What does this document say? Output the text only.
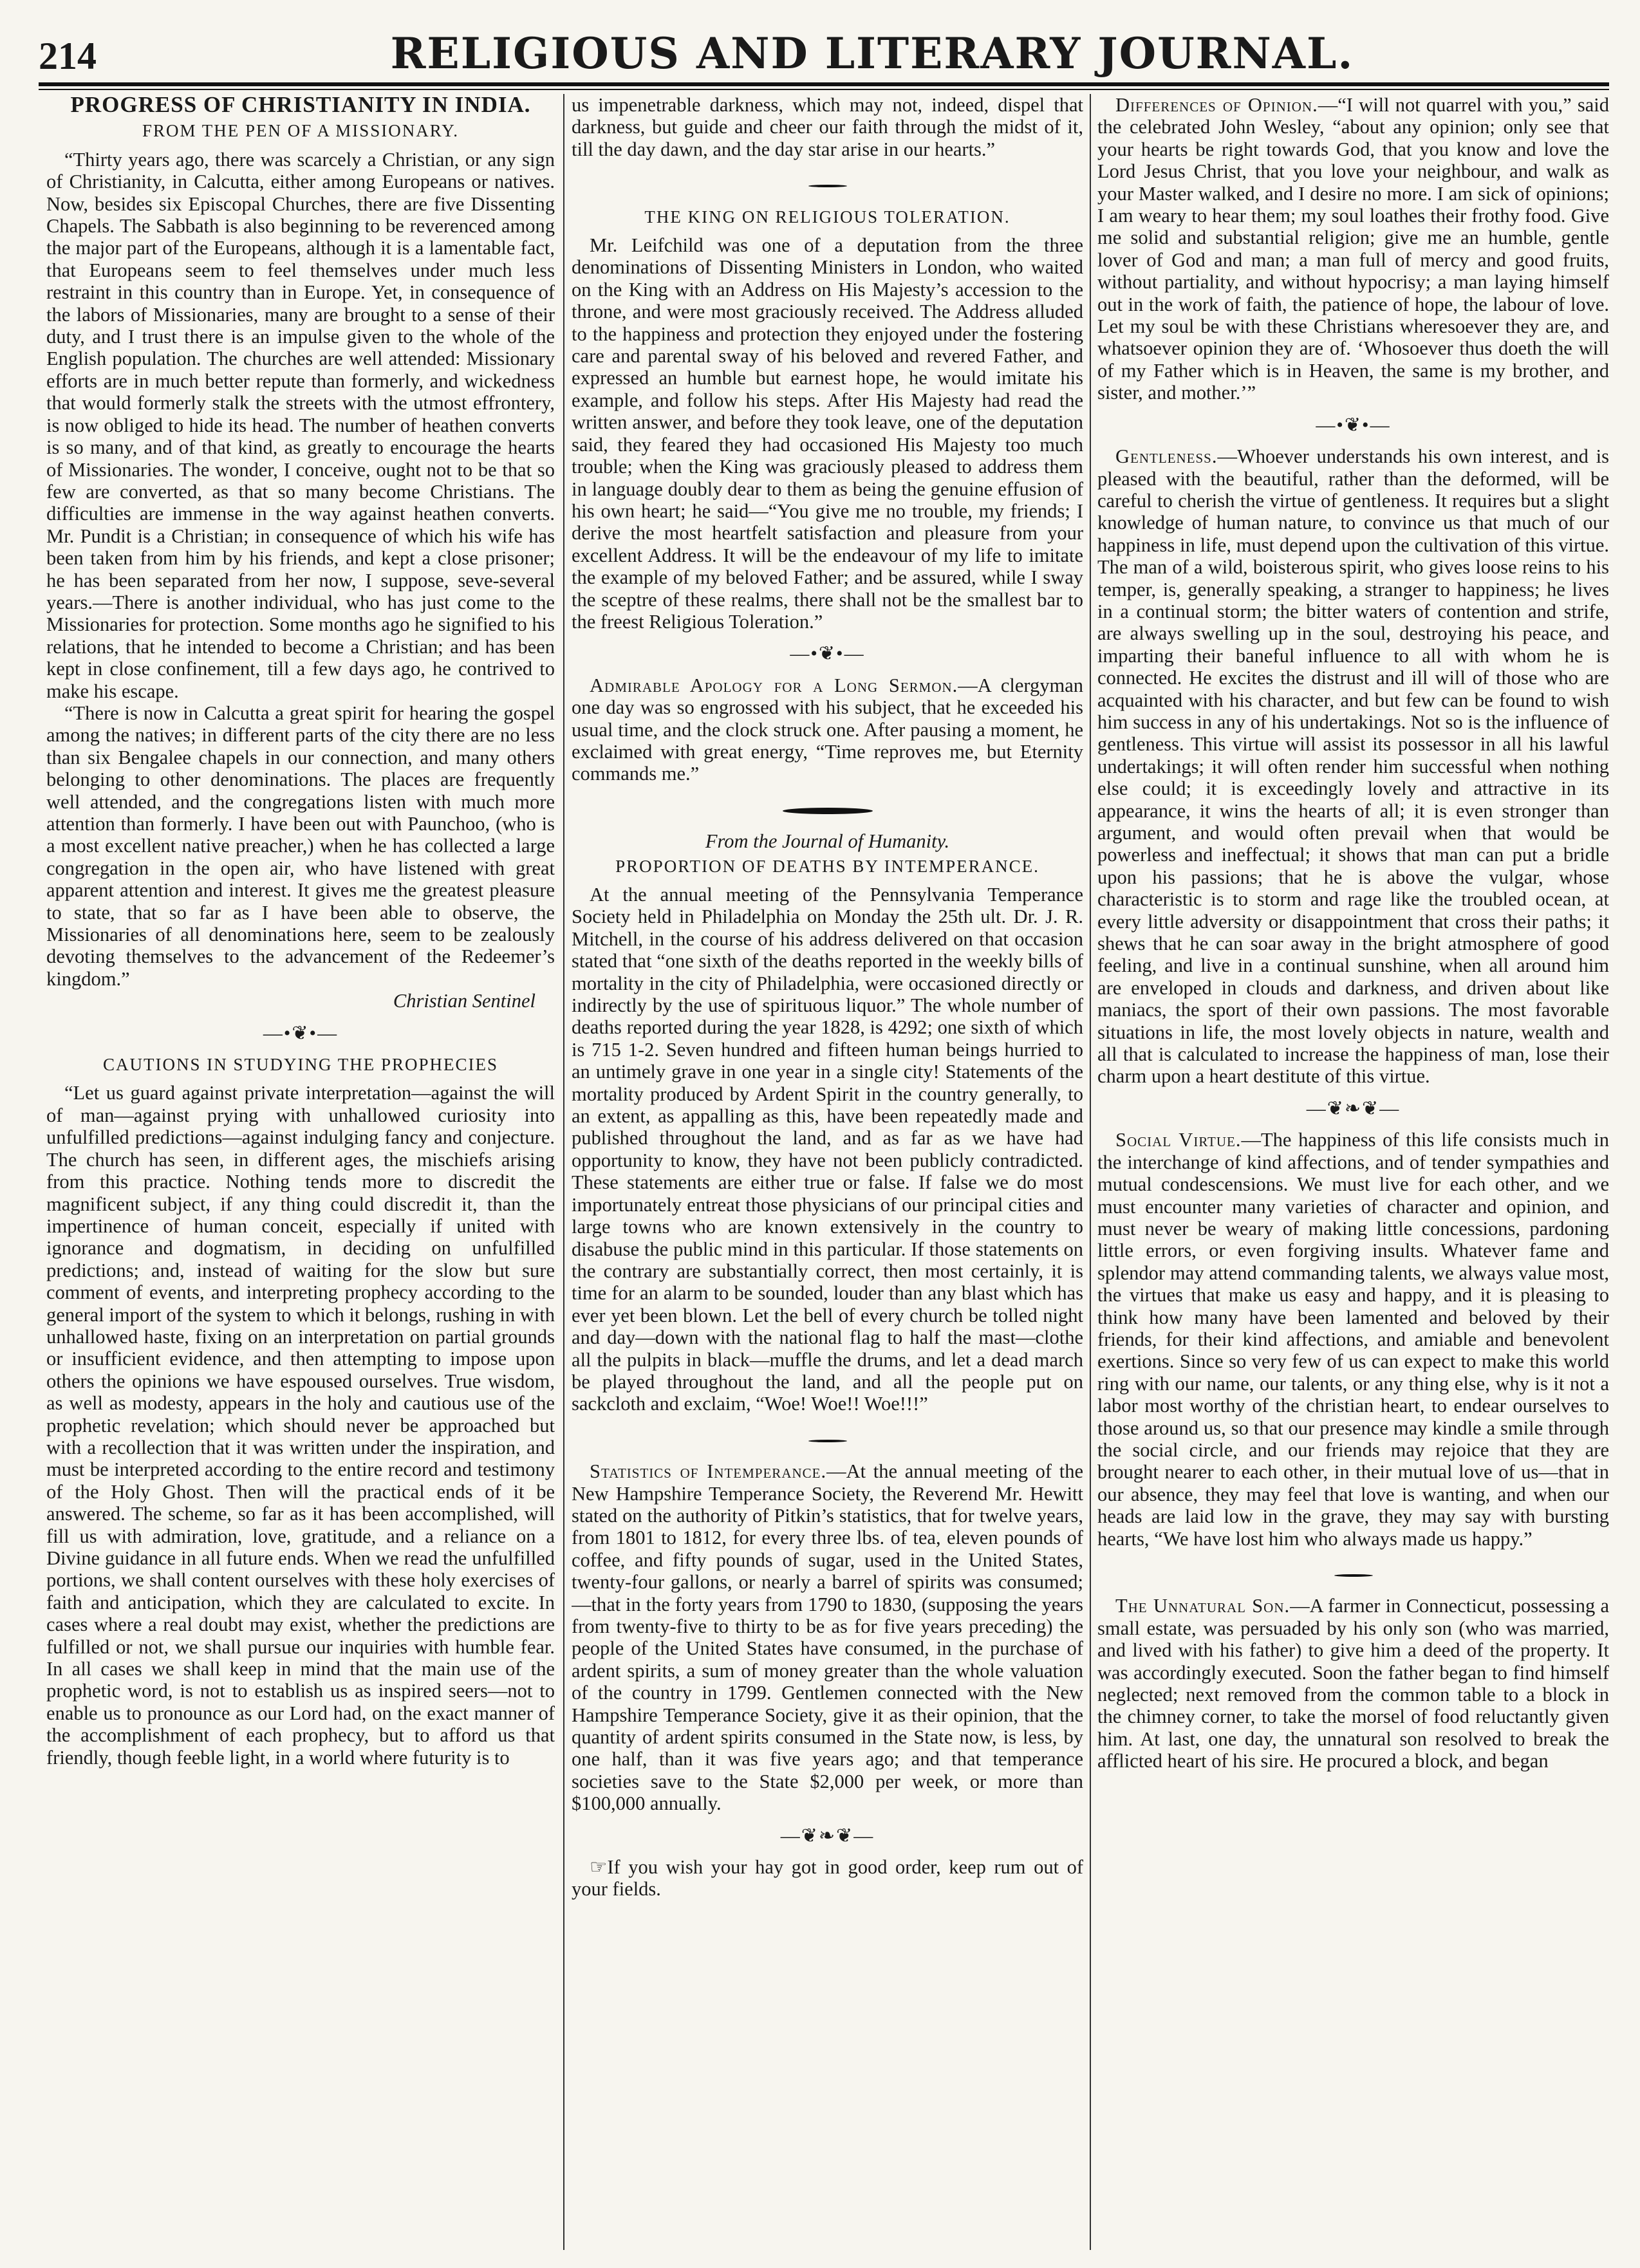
214	RELIGIOUS AND LITERARY JOURNAL.
PROGRESS OF CHRISTIANITY IN INDIA.
FROM THE PEN OF A MISSIONARY.

“Thirty years ago, there was scarcely a Christian, or any sign of Christianity, in Calcutta, either among Europeans or natives. Now, besides six Episcopal Churches, there are five Dissenting Chapels. The Sabbath is also beginning to be reverenced among the major part of the Europeans, although it is a lamentable fact, that Europeans seem to feel themselves under much less restraint in this country than in Europe. Yet, in consequence of the labors of Missionaries, many are brought to a sense of their duty, and I trust there is an impulse given to the whole of the English population. The churches are well attended: Missionary efforts are in much better repute than formerly, and wickedness that would formerly stalk the streets with the utmost effrontery, is now obliged to hide its head. The number of heathen converts is so many, and of that kind, as greatly to encourage the hearts of Missionaries. The wonder, I conceive, ought not to be that so few are converted, as that so many become Christians. The difficulties are immense in the way against heathen converts. Mr. Pundit is a Christian; in consequence of which his wife has been taken from him by his friends, and kept a close prisoner; he has been separated from her now, I suppose, seve-several years.—There is another individual, who has just come to the Missionaries for protection. Some months ago he signified to his relations, that he intended to become a Christian; and has been kept in close confinement, till a few days ago, he contrived to make his escape.

“There is now in Calcutta a great spirit for hearing the gospel among the natives; in different parts of the city there are no less than six Bengalee chapels in our connection, and many others belonging to other denominations. The places are frequently well attended, and the congregations listen with much more attention than formerly. I have been out with Paunchoo, (who is a most excellent native preacher,) when he has collected a large congregation in the open air, who have listened with great apparent attention and interest. It gives me the greatest pleasure to state, that so far as I have been able to observe, the Missionaries of all denominations here, seem to be zealously devoting themselves to the advancement of the Redeemer’s kingdom.”

Christian Sentinel
—•❦•—
CAUTIONS IN STUDYING THE PROPHECIES

“Let us guard against private interpretation—against the will of man—against prying with unhallowed curiosity into unfulfilled predictions—against indulging fancy and conjecture. The church has seen, in different ages, the mischiefs arising from this practice. Nothing tends more to discredit the magnificent subject, if any thing could discredit it, than the impertinence of human conceit, especially if united with ignorance and dogmatism, in deciding on unfulfilled predictions; and, instead of waiting for the slow but sure comment of events, and interpreting prophecy according to the general import of the system to which it belongs, rushing in with unhallowed haste, fixing on an interpretation on partial grounds or insufficient evidence, and then attempting to impose upon others the opinions we have espoused ourselves. True wisdom, as well as modesty, appears in the holy and cautious use of the prophetic revelation; which should never be approached but with a recollection that it was written under the inspiration, and must be interpreted according to the entire record and testimony of the Holy Ghost. Then will the practical ends of it be answered. The scheme, so far as it has been accomplished, will fill us with admiration, love, gratitude, and a reliance on a Divine guidance in all future ends. When we read the unfulfilled portions, we shall content ourselves with these holy exercises of faith and anticipation, which they are calculated to excite. In cases where a real doubt may exist, whether the predictions are fulfilled or not, we shall pursue our inquiries with humble fear. In all cases we shall keep in mind that the main use of the prophetic word, is not to establish us as inspired seers—not to enable us to pronounce as our Lord had, on the exact manner of the accomplishment of each prophecy, but to afford us that friendly, though feeble light, in a world where futurity is to

us impenetrable darkness, which may not, indeed, dispel that darkness, but guide and cheer our faith through the midst of it, till the day dawn, and the day star arise in our hearts.”

THE KING ON RELIGIOUS TOLERATION.

Mr. Leifchild was one of a deputation from the three denominations of Dissenting Ministers in London, who waited on the King with an Address on His Majesty’s accession to the throne, and were most graciously received. The Address alluded to the happiness and protection they enjoyed under the fostering care and parental sway of his beloved and revered Father, and expressed an humble but earnest hope, he would imitate his example, and follow his steps. After His Majesty had read the written answer, and before they took leave, one of the deputation said, they feared they had occasioned His Majesty too much trouble; when the King was graciously pleased to address them in language doubly dear to them as being the genuine effusion of his own heart; he said—“You give me no trouble, my friends; I derive the most heartfelt satisfaction and pleasure from your excellent Address. It will be the endeavour of my life to imitate the example of my beloved Father; and be assured, while I sway the sceptre of these realms, there shall not be the smallest bar to the freest Religious Toleration.”

—•❦•—

Admirable Apology for a Long Sermon.—A clergyman one day was so engrossed with his subject, that he exceeded his usual time, and the clock struck one. After pausing a moment, he exclaimed with great energy, “Time reproves me, but Eternity commands me.”

From the Journal of Humanity.
PROPORTION OF DEATHS BY INTEMPERANCE.

At the annual meeting of the Pennsylvania Temperance Society held in Philadelphia on Monday the 25th ult. Dr. J. R. Mitchell, in the course of his address delivered on that occasion stated that “one sixth of the deaths reported in the weekly bills of mortality in the city of Philadelphia, were occasioned directly or indirectly by the use of spirituous liquor.” The whole number of deaths reported during the year 1828, is 4292; one sixth of which is 715 1-2. Seven hundred and fifteen human beings hurried to an untimely grave in one year in a single city! Statements of the mortality produced by Ardent Spirit in the country generally, to an extent, as appalling as this, have been repeatedly made and published throughout the land, and as far as we have had opportunity to know, they have not been publicly contradicted. These statements are either true or false. If false we do most importunately entreat those physicians of our principal cities and large towns who are known extensively in the country to disabuse the public mind in this particular. If those statements on the contrary are substantially correct, then most certainly, it is time for an alarm to be sounded, louder than any blast which has ever yet been blown. Let the bell of every church be tolled night and day—down with the national flag to half the mast—clothe all the pulpits in black—muffle the drums, and let a dead march be played throughout the land, and all the people put on sackcloth and exclaim, “Woe! Woe!! Woe!!!”

Statistics of Intemperance.—At the annual meeting of the New Hampshire Temperance Society, the Reverend Mr. Hewitt stated on the authority of Pitkin’s statistics, that for twelve years, from 1801 to 1812, for every three lbs. of tea, eleven pounds of coffee, and fifty pounds of sugar, used in the United States, twenty-four gallons, or nearly a barrel of spirits was consumed;—that in the forty years from 1790 to 1830, (supposing the years from twenty-five to thirty to be as for five years preceding) the people of the United States have consumed, in the purchase of ardent spirits, a sum of money greater than the whole valuation of the country in 1799. Gentlemen connected with the New Hampshire Temperance Society, give it as their opinion, that the quantity of ardent spirits consumed in the State now, is less, by one half, than it was five years ago; and that temperance societies save to the State $2,000 per week, or more than $100,000 annually.

—❦❧❦—

☞If you wish your hay got in good order, keep rum out of your fields.

Differences of Opinion.—“I will not quarrel with you,” said the celebrated John Wesley, “about any opinion; only see that your hearts be right towards God, that you know and love the Lord Jesus Christ, that you love your neighbour, and walk as your Master walked, and I desire no more. I am sick of opinions; I am weary to hear them; my soul loathes their frothy food. Give me solid and substantial religion; give me an humble, gentle lover of God and man; a man full of mercy and good fruits, without partiality, and without hypocrisy; a man laying himself out in the work of faith, the patience of hope, the labour of love. Let my soul be with these Christians wheresoever they are, and whatsoever opinion they are of. ‘Whosoever thus doeth the will of my Father which is in Heaven, the same is my brother, and sister, and mother.’”

—•❦•—

Gentleness.—Whoever understands his own interest, and is pleased with the beautiful, rather than the deformed, will be careful to cherish the virtue of gentleness. It requires but a slight knowledge of human nature, to convince us that much of our happiness in life, must depend upon the cultivation of this virtue. The man of a wild, boisterous spirit, who gives loose reins to his temper, is, generally speaking, a stranger to happiness; he lives in a continual storm; the bitter waters of contention and strife, are always swelling up in the soul, destroying his peace, and imparting their baneful influence to all with whom he is connected. He excites the distrust and ill will of those who are acquainted with his character, and but few can be found to wish him success in any of his undertakings. Not so is the influence of gentleness. This virtue will assist its possessor in all his lawful undertakings; it will often render him successful when nothing else could; it is exceedingly lovely and attractive in its appearance, it wins the hearts of all; it is even stronger than argument, and would often prevail when that would be powerless and ineffectual; it shows that man can put a bridle upon his passions; that he is above the vulgar, whose characteristic is to storm and rage like the troubled ocean, at every little adversity or disappointment that cross their paths; it shews that he can soar away in the bright atmosphere of good feeling, and live in a continual sunshine, when all around him are enveloped in clouds and darkness, and driven about like maniacs, the sport of their own passions. The most favorable situations in life, the most lovely objects in nature, wealth and all that is calculated to increase the happiness of man, lose their charm upon a heart destitute of this virtue.

—❦❧❦—

Social Virtue.—The happiness of this life consists much in the interchange of kind affections, and of tender sympathies and mutual condescensions. We must live for each other, and we must encounter many varieties of character and opinion, and must never be weary of making little concessions, pardoning little errors, or even forgiving insults. Whatever fame and splendor may attend commanding talents, we always value most, the virtues that make us easy and happy, and it is pleasing to think how many have been lamented and beloved by their friends, for their kind affections, and amiable and benevolent exertions. Since so very few of us can expect to make this world ring with our name, our talents, or any thing else, why is it not a labor most worthy of the christian heart, to endear ourselves to those around us, so that our presence may kindle a smile through the social circle, and our friends may rejoice that they are brought nearer to each other, in their mutual love of us—that in our absence, they may feel that love is wanting, and when our heads are laid low in the grave, they may say with bursting hearts, “We have lost him who always made us happy.”

The Unnatural Son.—A farmer in Connecticut, possessing a small estate, was persuaded by his only son (who was married, and lived with his father) to give him a deed of the property. It was accordingly executed. Soon the father began to find himself neglected; next removed from the common table to a block in the chimney corner, to take the morsel of food reluctantly given him. At last, one day, the unnatural son resolved to break the afflicted heart of his sire. He procured a block, and began
